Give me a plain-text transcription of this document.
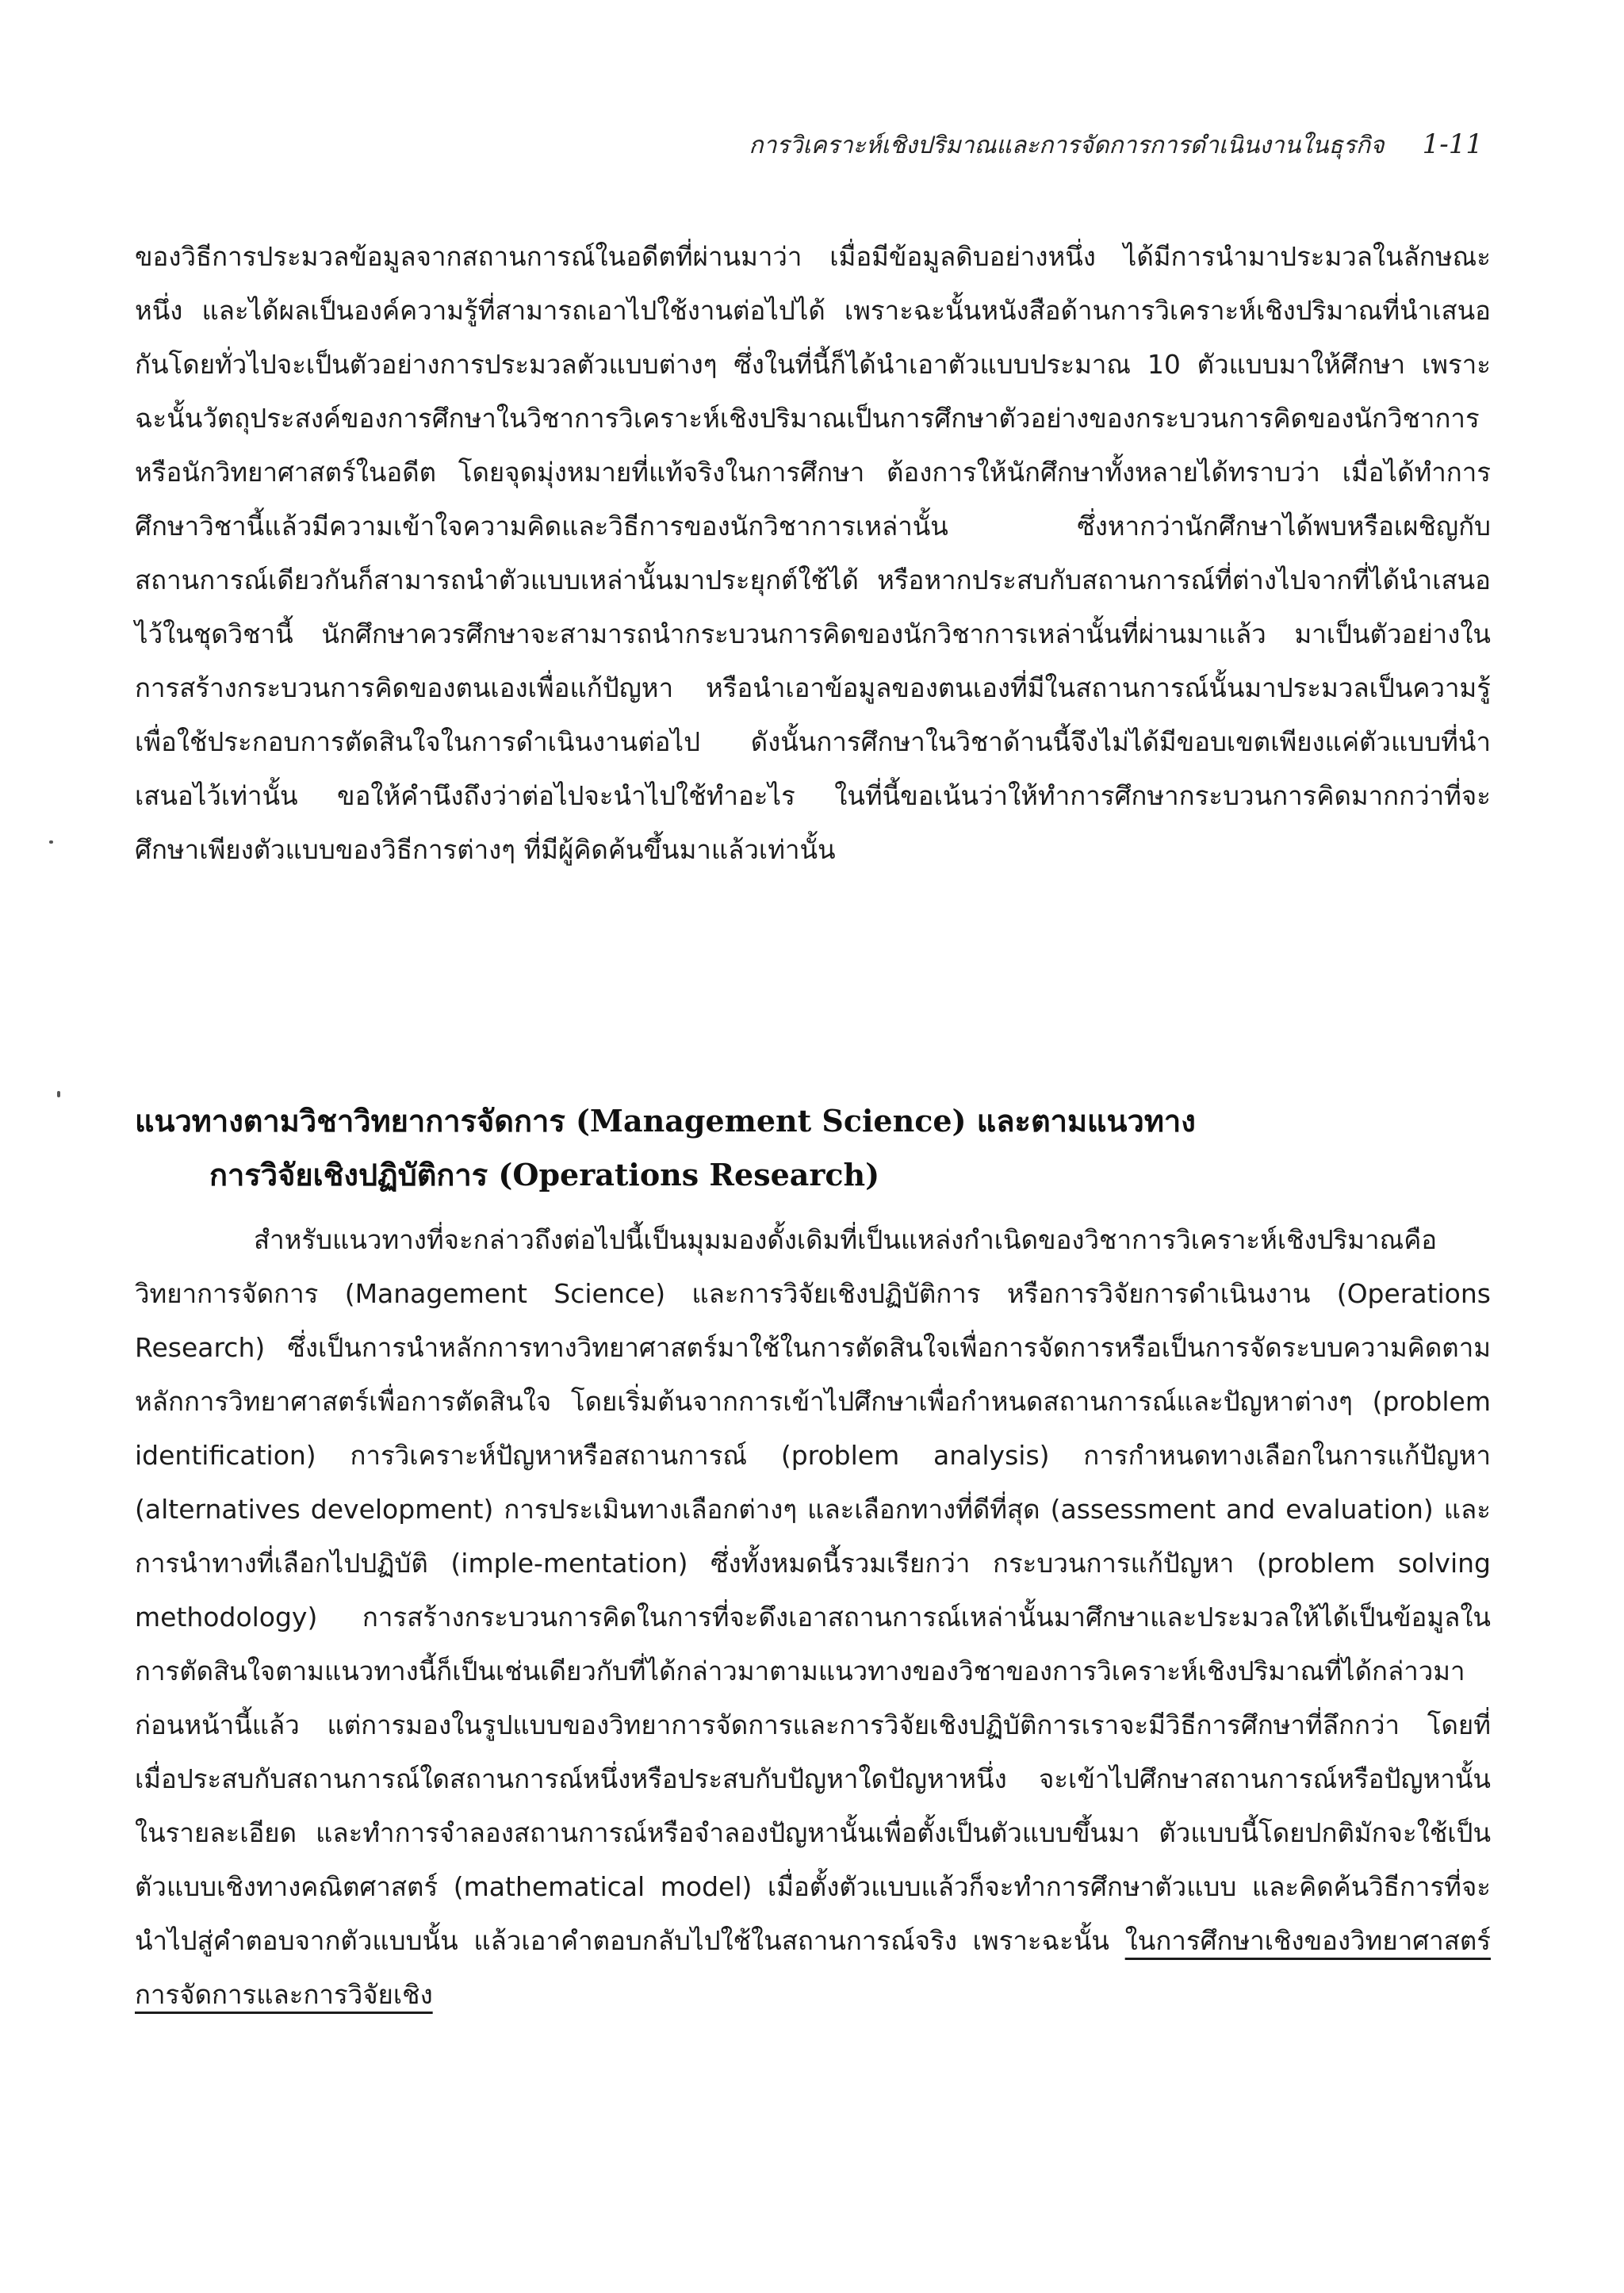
การวิเคราะห์เชิงปริมาณและการจัดการการดำเนินงานในธุรกิจ 1-11

ของวิธีการประมวลข้อมูลจากสถานการณ์ในอดีตที่ผ่านมาว่า เมื่อมีข้อมูลดิบอย่างหนึ่ง ได้มีการนำมาประมวลในลักษณะหนึ่ง และได้ผลเป็นองค์ความรู้ที่สามารถเอาไปใช้งานต่อไปได้ เพราะฉะนั้นหนังสือด้านการวิเคราะห์เชิงปริมาณที่นำเสนอกันโดยทั่วไปจะเป็นตัวอย่างการประมวลตัวแบบต่างๆ ซึ่งในที่นี้ก็ได้นำเอาตัวแบบประมาณ 10 ตัวแบบมาให้ศึกษา เพราะฉะนั้นวัตถุประสงค์ของการศึกษาในวิชาการวิเคราะห์เชิงปริมาณเป็นการศึกษาตัวอย่างของกระบวนการคิดของนักวิชาการหรือนักวิทยาศาสตร์ในอดีต โดยจุดมุ่งหมายที่แท้จริงในการศึกษา ต้องการให้นักศึกษาทั้งหลายได้ทราบว่า เมื่อได้ทำการศึกษาวิชานี้แล้วมีความเข้าใจความคิดและวิธีการของนักวิชาการเหล่านั้น ซึ่งหากว่านักศึกษาได้พบหรือเผชิญกับสถานการณ์เดียวกันก็สามารถนำตัวแบบเหล่านั้นมาประยุกต์ใช้ได้ หรือหากประสบกับสถานการณ์ที่ต่างไปจากที่ได้นำเสนอไว้ในชุดวิชานี้ นักศึกษาควรศึกษาจะสามารถนำกระบวนการคิดของนักวิชาการเหล่านั้นที่ผ่านมาแล้ว มาเป็นตัวอย่างในการสร้างกระบวนการคิดของตนเองเพื่อแก้ปัญหา หรือนำเอาข้อมูลของตนเองที่มีในสถานการณ์นั้นมาประมวลเป็นความรู้เพื่อใช้ประกอบการตัดสินใจในการดำเนินงานต่อไป ดังนั้นการศึกษาในวิชาด้านนี้จึงไม่ได้มีขอบเขตเพียงแค่ตัวแบบที่นำเสนอไว้เท่านั้น ขอให้คำนึงถึงว่าต่อไปจะนำไปใช้ทำอะไร ในที่นี้ขอเน้นว่าให้ทำการศึกษากระบวนการคิดมากกว่าที่จะศึกษาเพียงตัวแบบของวิธีการต่างๆ ที่มีผู้คิดค้นขึ้นมาแล้วเท่านั้น

แนวทางตามวิชาวิทยาการจัดการ (Management Science) และตามแนวทาง
การวิจัยเชิงปฏิบัติการ (Operations Research)

สำหรับแนวทางที่จะกล่าวถึงต่อไปนี้เป็นมุมมองดั้งเดิมที่เป็นแหล่งกำเนิดของวิชาการวิเคราะห์เชิงปริมาณคือ วิทยาการจัดการ (Management Science) และการวิจัยเชิงปฏิบัติการ หรือการวิจัยการดำเนินงาน (Operations Research) ซึ่งเป็นการนำหลักการทางวิทยาศาสตร์มาใช้ในการตัดสินใจเพื่อการจัดการหรือเป็นการจัดระบบความคิดตามหลักการวิทยาศาสตร์เพื่อการตัดสินใจ โดยเริ่มต้นจากการเข้าไปศึกษาเพื่อกำหนดสถานการณ์และปัญหาต่างๆ (problem identification) การวิเคราะห์ปัญหาหรือสถานการณ์ (problem analysis) การกำหนดทางเลือกในการแก้ปัญหา (alternatives development) การประเมินทางเลือกต่างๆ และเลือกทางที่ดีที่สุด (assessment and evaluation) และการนำทางที่เลือกไปปฏิบัติ (imple-mentation) ซึ่งทั้งหมดนี้รวมเรียกว่า กระบวนการแก้ปัญหา (problem solving methodology) การสร้างกระบวนการคิดในการที่จะดึงเอาสถานการณ์เหล่านั้นมาศึกษาและประมวลให้ได้เป็นข้อมูลในการตัดสินใจตามแนวทางนี้ก็เป็นเช่นเดียวกับที่ได้กล่าวมาตามแนวทางของวิชาของการวิเคราะห์เชิงปริมาณที่ได้กล่าวมาก่อนหน้านี้แล้ว แต่การมองในรูปแบบของวิทยาการจัดการและการวิจัยเชิงปฏิบัติการเราจะมีวิธีการศึกษาที่ลึกกว่า โดยที่เมื่อประสบกับสถานการณ์ใดสถานการณ์หนึ่งหรือประสบกับปัญหาใดปัญหาหนึ่ง จะเข้าไปศึกษาสถานการณ์หรือปัญหานั้นในรายละเอียด และทำการจำลองสถานการณ์หรือจำลองปัญหานั้นเพื่อตั้งเป็นตัวแบบขึ้นมา ตัวแบบนี้โดยปกติมักจะใช้เป็นตัวแบบเชิงทางคณิตศาสตร์ (mathematical model) เมื่อตั้งตัวแบบแล้วก็จะทำการศึกษาตัวแบบ และคิดค้นวิธีการที่จะนำไปสู่คำตอบจากตัวแบบนั้น แล้วเอาคำตอบกลับไปใช้ในสถานการณ์จริง เพราะฉะนั้น ในการศึกษาเชิงของวิทยาศาสตร์การจัดการและการวิจัยเชิง
